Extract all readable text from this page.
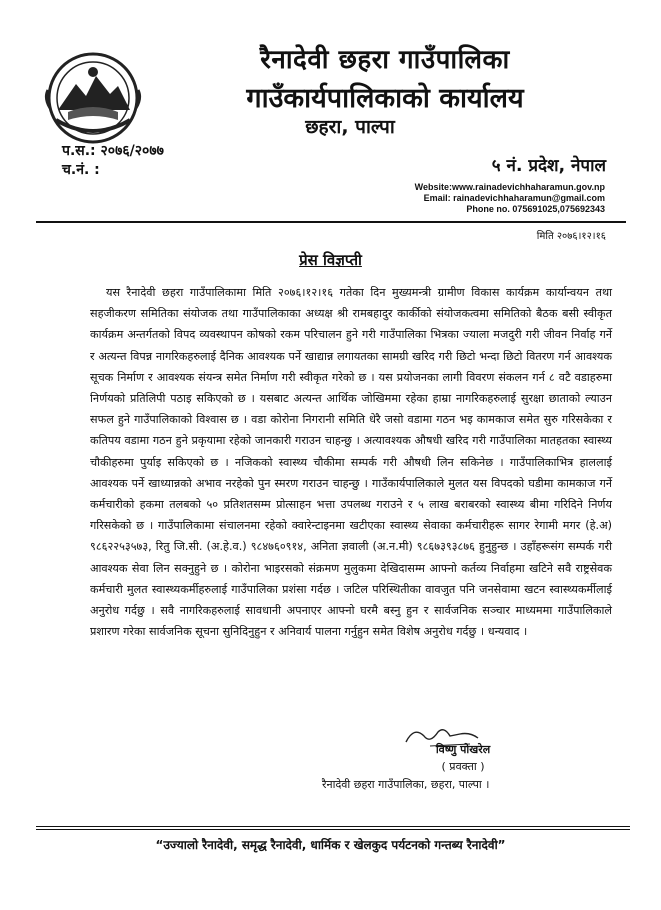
रैनादेवी छहरा गाउँपालिका
गाउँकार्यपालिकाको कार्यालय
छहरा, पाल्पा
प.स.: २०७६/२०७७
च.नं. :	५ नं. प्रदेश, नेपाल
Website:www.rainadevichhaharamun.gov.np
Email: rainadevichhaharamun@gmail.com
Phone no. 075691025,075692343
मिति २०७६।१२।१६
प्रेस विज्ञप्ती

यस रैनादेवी छहरा गाउँपालिकामा मिति २०७६।१२।१६ गतेका दिन मुख्यमन्त्री ग्रामीण विकास कार्यक्रम कार्यान्वयन तथा सहजीकरण समितिका संयोजक तथा गाउँपालिकाका अध्यक्ष श्री रामबहादुर कार्कीको संयोजकत्वमा समितिको बैठक बसी स्वीकृत कार्यक्रम अन्तर्गतको विपद व्यवस्थापन कोषको रकम परिचालन हुने गरी गाउँपालिका भित्रका ज्याला मजदुरी गरी जीवन निर्वाह गर्ने र अत्यन्त विपन्न नागरिकहरुलाई दैनिक आवश्यक पर्ने खाद्यान्न लगायतका सामग्री खरिद गरी छिटो भन्दा छिटो वितरण गर्न आवश्यक सूचक निर्माण र आवश्यक संयन्त्र समेत निर्माण गरी स्वीकृत गरेको छ । यस प्रयोजनका लागी विवरण संकलन गर्न ८ वटै वडाहरुमा निर्णयको प्रतिलिपी पठाइ सकिएको छ । यसबाट अत्यन्त आर्थिक जोखिममा रहेका हाम्रा नागरिकहरुलाई सुरक्षा छाताको ल्याउन सफल हुने गाउँपालिकाको विश्वास छ । वडा कोरोना निगरानी समिति धेरै जसो वडामा गठन भइ कामकाज समेत सुरु गरिसकेका र कतिपय वडामा गठन हुने प्रकृयामा रहेको जानकारी गराउन चाहन्छु । अत्यावश्यक औषधी खरिद गरी गाउँपालिका मातहतका स्वास्थ्य चौकीहरुमा पुर्याइ सकिएको छ । नजिकको स्वास्थ्य चौकीमा सम्पर्क गरी औषधी लिन सकिनेछ । गाउँपालिकाभित्र हाललाई आवश्यक पर्ने खाध्यान्नको अभाव नरहेको पुन स्मरण गराउन चाहन्छु । गाउँकार्यपालिकाले मुलत यस विपदको घडीमा कामकाज गर्ने कर्मचारीको हकमा तलबको ५० प्रतिशतसम्म प्रोत्साहन भत्ता उपलब्ध गराउने र ५ लाख बराबरको स्वास्थ्य बीमा गरिदिने निर्णय गरिसकेको छ । गाउँपालिकामा संचालनमा रहेको क्वारेन्टाइनमा खटीएका स्वास्थ्य सेवाका कर्मचारीहरू सागर रेगामी मगर (हे.अ) ९८६२२५३५७३, रितु जि.सी. (अ.हे.व.) ९८४७६०९१४, अनिता ज्ञवाली (अ.न.मी) ९८६७३९३८७६ हुनुहुन्छ । उहाँहरूसंग सम्पर्क गरी आवश्यक सेवा लिन सक्नुहुने छ । कोरोना भाइरसको संक्रमण मुलुकमा देखिदासम्म आफ्नो कर्तव्य निर्वाहमा खटिने सवै राष्ट्रसेवक कर्मचारी मुलत स्वास्थ्यकर्मीहरुलाई गाउँपालिका प्रशंसा गर्दछ । जटिल परिस्थितीका वावजुत पनि जनसेवामा खटन स्वास्थ्यकर्मीलाई अनुरोध गर्दछु । सवै नागरिकहरुलाई सावधानी अपनाएर आफ्नो घरमै बस्नु हुन र सार्वजनिक सञ्चार माध्यममा गाउँपालिकाले प्रशारण गरेका सार्वजनिक सूचना सुनिदिनुहुन र अनिवार्य पालना गर्नुहुन समेत विशेष अनुरोध गर्दछु । धन्यवाद ।

विष्णु पोखरेल
( प्रवक्ता )
रैनादेवी छहरा गाउँपालिका, छहरा, पाल्पा ।
“उज्यालो रैनादेवी, समृद्ध रैनादेवी, धार्मिक र खेलकुद पर्यटनको गन्तब्य रैनादेवी”
